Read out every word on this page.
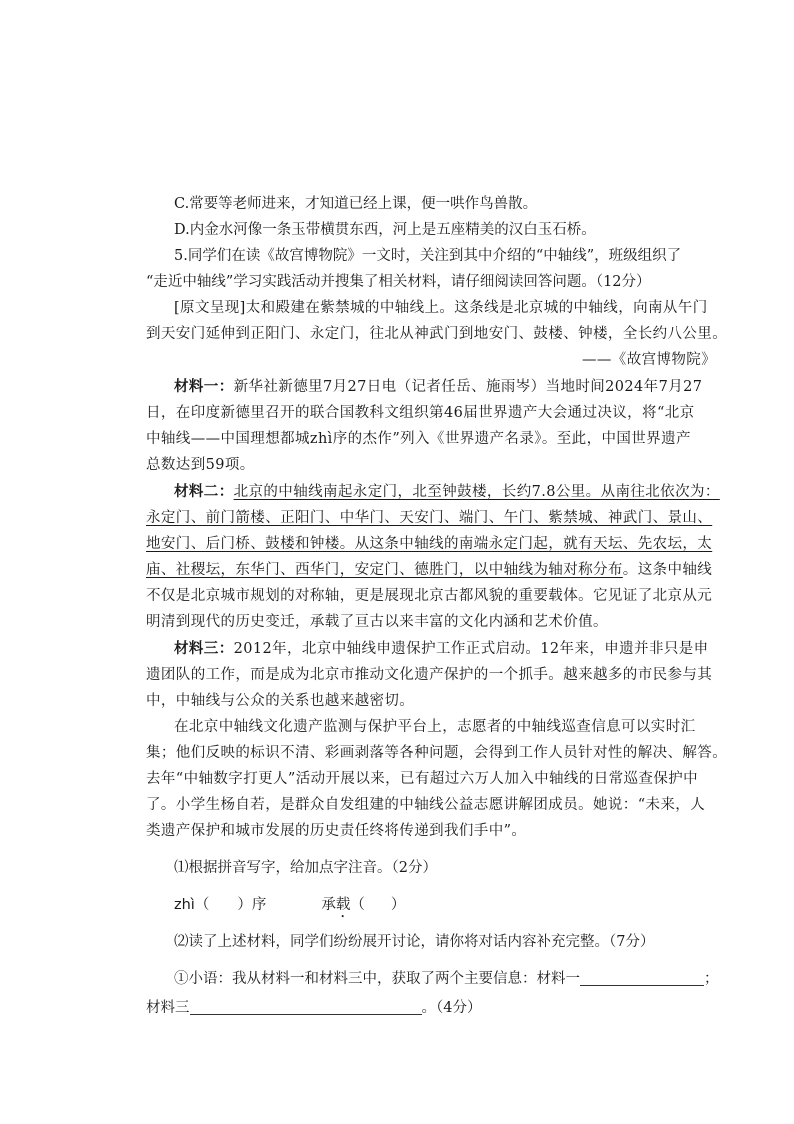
C.常要等老师进来，才知道已经上课，便一哄作鸟兽散。
D.内金水河像一条玉带横贯东西，河上是五座精美的汉白玉石桥。
5.同学们在读《故宫博物院》一文时，关注到其中介绍的“中轴线”，班级组织了
“走近中轴线”学习实践活动并搜集了相关材料，请仔细阅读回答问题。（12分）
[原文呈现]太和殿建在紫禁城的中轴线上。这条线是北京城的中轴线，向南从午门
到天安门延伸到正阳门、永定门，往北从神武门到地安门、鼓楼、钟楼，全长约八公里。
——《故宫博物院》
材料一：新华社新德里7月27日电（记者任岳、施雨岑）当地时间2024年7月27
日，在印度新德里召开的联合国教科文组织第46届世界遗产大会通过决议，将“北京
中轴线——中国理想都城zhì序的杰作”列入《世界遗产名录》。至此，中国世界遗产
总数达到59项。
材料二：北京的中轴线南起永定门，北至钟鼓楼，长约7.8公里。从南往北依次为：
永定门、前门箭楼、正阳门、中华门、天安门、端门、午门、紫禁城、神武门、景山、
地安门、后门桥、鼓楼和钟楼。从这条中轴线的南端永定门起，就有天坛、先农坛，太
庙、社稷坛，东华门、西华门，安定门、德胜门，以中轴线为轴对称分布。这条中轴线
不仅是北京城市规划的对称轴，更是展现北京古都风貌的重要载体。它见证了北京从元
明清到现代的历史变迁，承载了亘古以来丰富的文化内涵和艺术价值。
材料三：2012年，北京中轴线申遗保护工作正式启动。12年来，申遗并非只是申
遗团队的工作，而是成为北京市推动文化遗产保护的一个抓手。越来越多的市民参与其
中，中轴线与公众的关系也越来越密切。
在北京中轴线文化遗产监测与保护平台上，志愿者的中轴线巡查信息可以实时汇
集；他们反映的标识不清、彩画剥落等各种问题，会得到工作人员针对性的解决、解答。
去年“中轴数字打更人”活动开展以来，已有超过六万人加入中轴线的日常巡查保护中
了。小学生杨自若，是群众自发组建的中轴线公益志愿讲解团成员。她说：“未来，人
类遗产保护和城市发展的历史责任终将传递到我们手中”。
⑴根据拼音写字，给加点字注音。（2分）
zhì（ ）序	承载（ ）
⑵读了上述材料，同学们纷纷展开讨论，请你将对话内容补充完整。（7分）
①小语：我从材料一和材料三中，获取了两个主要信息：材料一	；
材料三	。（4分）
